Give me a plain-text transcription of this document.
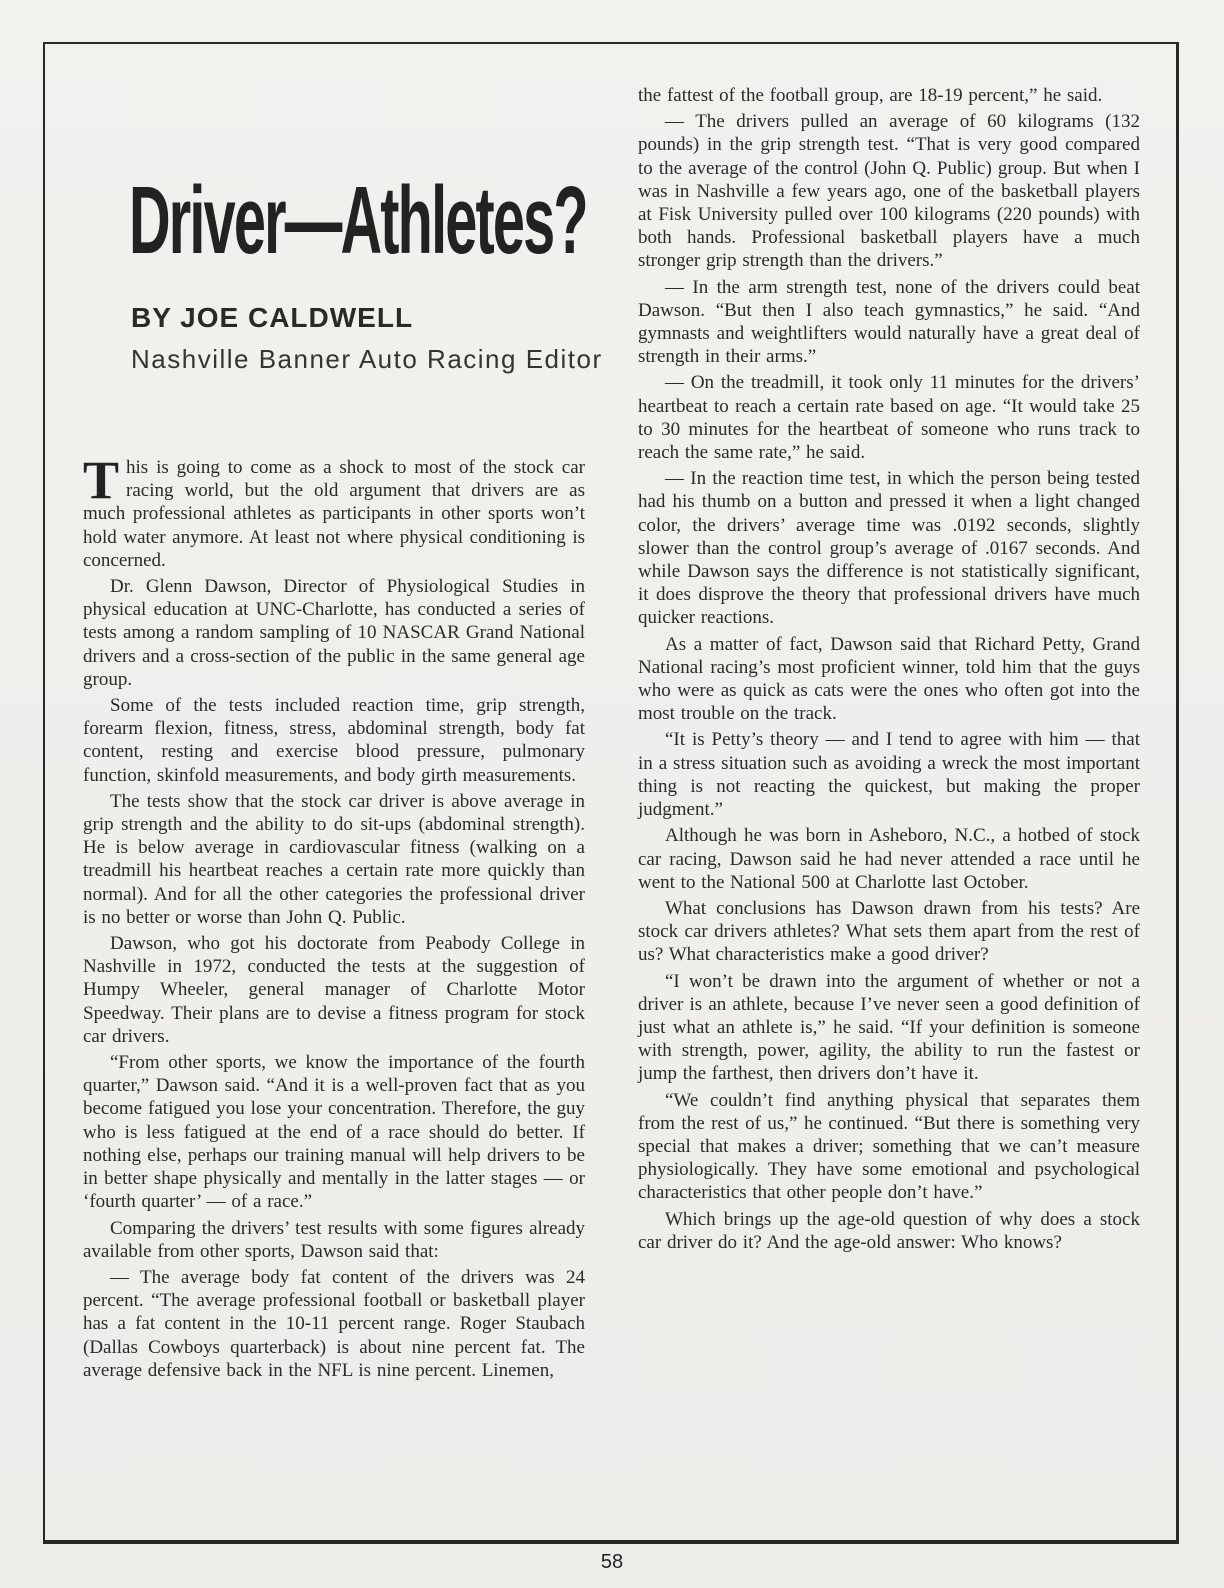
Driver—Athletes?
BY JOE CALDWELL
Nashville Banner Auto Racing Editor

This is going to come as a shock to most of the stock car racing world, but the old argument that drivers are as much professional athletes as participants in other sports won’t hold water anymore. At least not where physical conditioning is concerned.

Dr. Glenn Dawson, Director of Physiological Studies in physical education at UNC-Charlotte, has conducted a series of tests among a random sampling of 10 NASCAR Grand National drivers and a cross-section of the public in the same general age group.

Some of the tests included reaction time, grip strength, forearm flexion, fitness, stress, abdominal strength, body fat content, resting and exercise blood pressure, pulmonary function, skinfold measurements, and body girth measurements.

The tests show that the stock car driver is above average in grip strength and the ability to do sit-ups (abdominal strength). He is below average in cardiovascular fitness (walking on a treadmill his heartbeat reaches a certain rate more quickly than normal). And for all the other categories the professional driver is no better or worse than John Q. Public.

Dawson, who got his doctorate from Peabody College in Nashville in 1972, conducted the tests at the suggestion of Humpy Wheeler, general manager of Charlotte Motor Speedway. Their plans are to devise a fitness program for stock car drivers.

“From other sports, we know the importance of the fourth quarter,” Dawson said. “And it is a well-proven fact that as you become fatigued you lose your concentration. Therefore, the guy who is less fatigued at the end of a race should do better. If nothing else, perhaps our training manual will help drivers to be in better shape physically and mentally in the latter stages — or ‘fourth quarter’ — of a race.”

Comparing the drivers’ test results with some figures already available from other sports, Dawson said that:

— The average body fat content of the drivers was 24 percent. “The average professional football or basketball player has a fat content in the 10-11 percent range. Roger Staubach (Dallas Cowboys quarterback) is about nine percent fat. The average defensive back in the NFL is nine percent. Linemen,

the fattest of the football group, are 18-19 percent,” he said.

— The drivers pulled an average of 60 kilograms (132 pounds) in the grip strength test. “That is very good compared to the average of the control (John Q. Public) group. But when I was in Nashville a few years ago, one of the basketball players at Fisk University pulled over 100 kilograms (220 pounds) with both hands. Professional basketball players have a much stronger grip strength than the drivers.”

— In the arm strength test, none of the drivers could beat Dawson. “But then I also teach gymnastics,” he said. “And gymnasts and weightlifters would naturally have a great deal of strength in their arms.”

— On the treadmill, it took only 11 minutes for the drivers’ heartbeat to reach a certain rate based on age. “It would take 25 to 30 minutes for the heartbeat of someone who runs track to reach the same rate,” he said.

— In the reaction time test, in which the person being tested had his thumb on a button and pressed it when a light changed color, the drivers’ average time was .0192 seconds, slightly slower than the control group’s average of .0167 seconds. And while Dawson says the difference is not statistically significant, it does disprove the theory that professional drivers have much quicker reactions.

As a matter of fact, Dawson said that Richard Petty, Grand National racing’s most proficient winner, told him that the guys who were as quick as cats were the ones who often got into the most trouble on the track.

“It is Petty’s theory — and I tend to agree with him — that in a stress situation such as avoiding a wreck the most important thing is not reacting the quickest, but making the proper judgment.”

Although he was born in Asheboro, N.C., a hotbed of stock car racing, Dawson said he had never attended a race until he went to the National 500 at Charlotte last October.

What conclusions has Dawson drawn from his tests? Are stock car drivers athletes? What sets them apart from the rest of us? What characteristics make a good driver?

“I won’t be drawn into the argument of whether or not a driver is an athlete, because I’ve never seen a good definition of just what an athlete is,” he said. “If your definition is someone with strength, power, agility, the ability to run the fastest or jump the farthest, then drivers don’t have it.

“We couldn’t find anything physical that separates them from the rest of us,” he continued. “But there is something very special that makes a driver; something that we can’t measure physiologically. They have some emotional and psychological characteristics that other people don’t have.”

Which brings up the age-old question of why does a stock car driver do it? And the age-old answer: Who knows?

58
